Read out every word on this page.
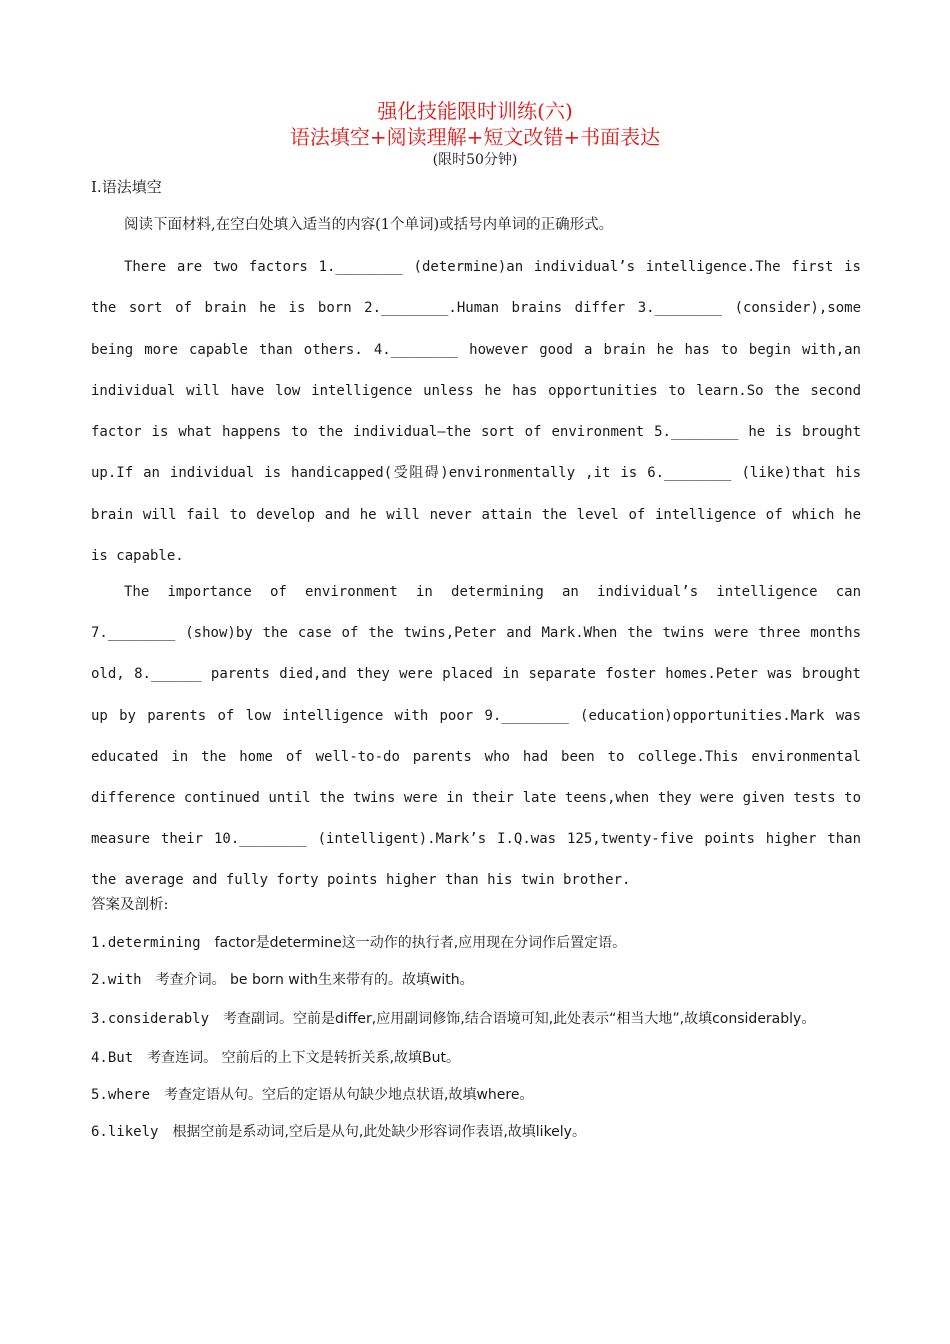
强化技能限时训练(六)
语法填空+阅读理解+短文改错+书面表达
(限时50分钟)
Ⅰ.语法填空
阅读下面材料,在空白处填入适当的内容(1个单词)或括号内单词的正确形式。
There are two factors 1.________ (determine)an individual’s intelligence.The first is the sort of brain he is born 2.________.Human brains differ 3.________ (consider),some being more capable than others. 4.________ however good a brain he has to begin with,an individual will have low intelligence unless he has opportunities to learn.So the second factor is what happens to the individual—the sort of environment 5.________ he is brought up.If an individual is handicapped(受阻碍)environmentally ,it is 6.________ (like)that his brain will fail to develop and he will never attain the level of intelligence of which he is capable.
The importance of environment in determining an individual’s intelligence can 7.________ (show)by the case of the twins,Peter and Mark.When the twins were three months old, 8.______ parents died,and they were placed in separate foster homes.Peter was brought up by parents of low intelligence with poor 9.________ (education)opportunities.Mark was educated in the home of well-to-do parents who had been to college.This environmental difference continued until the twins were in their late teens,when they were given tests to measure their 10.________ (intelligent).Mark’s I.Q.was 125,twenty-five points higher than the average and fully forty points higher than his twin brother.
答案及剖析:
1.determining factor是determine这一动作的执行者,应用现在分词作后置定语。
2.with 考查介词。 be born with生来带有的。故填with。
3.considerably 考查副词。空前是differ,应用副词修饰,结合语境可知,此处表示“相当大地”,故填considerably。
4.But 考查连词。 空前后的上下文是转折关系,故填But。
5.where 考查定语从句。空后的定语从句缺少地点状语,故填where。
6.likely 根据空前是系动词,空后是从句,此处缺少形容词作表语,故填likely。
